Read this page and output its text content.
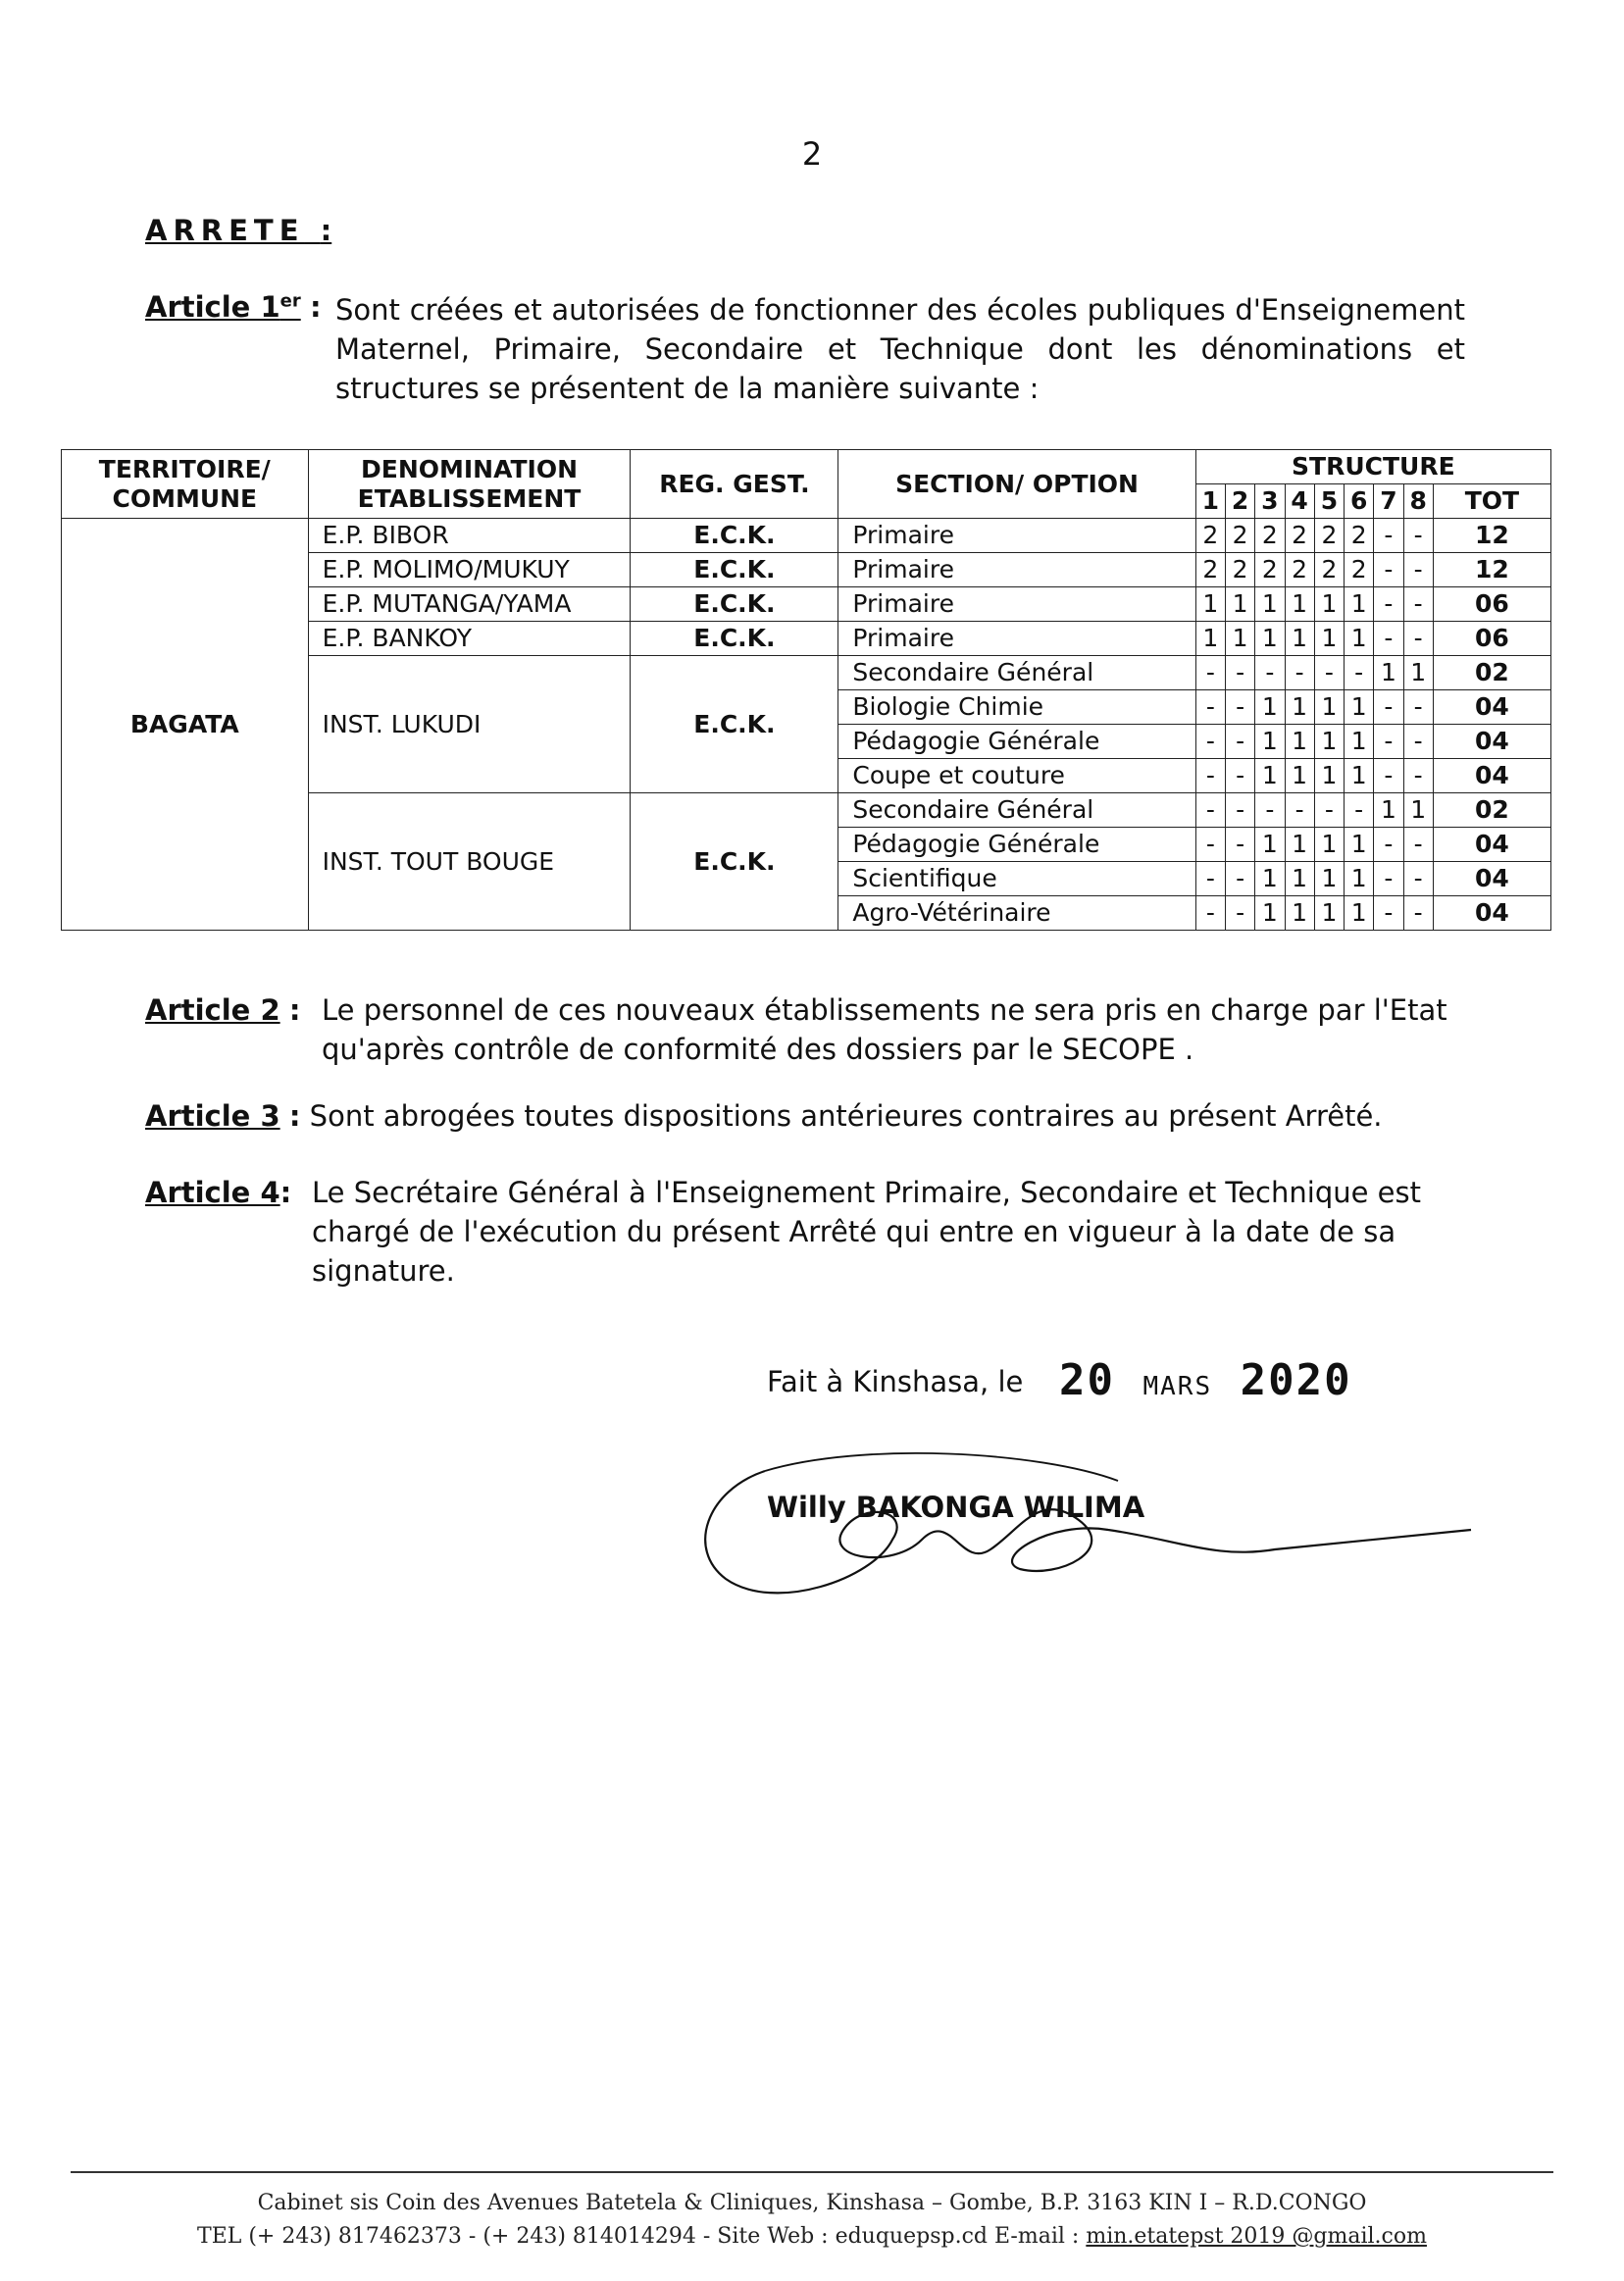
2
ARRETE :
Article 1er : Sont créées et autorisées de fonctionner des écoles publiques d'Enseignement Maternel, Primaire, Secondaire et Technique dont les dénominations et structures se présentent de la manière suivante :
TERRITOIRE/ COMMUNE	DENOMINATION ETABLISSEMENT	REG. GEST.	SECTION/ OPTION	STRUCTURE								
				1	2	3	4	5	6	7	8	TOT
BAGATA	E.P. BIBOR	E.C.K.	Primaire	2	2	2	2	2	2	-	-	12
	E.P. MOLIMO/MUKUY	E.C.K.	Primaire	2	2	2	2	2	2	-	-	12
	E.P. MUTANGA/YAMA	E.C.K.	Primaire	1	1	1	1	1	1	-	-	06
	E.P. BANKOY	E.C.K.	Primaire	1	1	1	1	1	1	-	-	06
	INST. LUKUDI	E.C.K.	Secondaire Général	-	-	-	-	-	-	1	1	02
			Biologie Chimie	-	-	1	1	1	1	-	-	04
			Pédagogie Générale	-	-	1	1	1	1	-	-	04
			Coupe et couture	-	-	1	1	1	1	-	-	04
	INST. TOUT BOUGE	E.C.K.	Secondaire Général	-	-	-	-	-	-	1	1	02
			Pédagogie Générale	-	-	1	1	1	1	-	-	04
			Scientifique	-	-	1	1	1	1	-	-	04
			Agro-Vétérinaire	-	-	1	1	1	1	-	-	04
Article 2 : Le personnel de ces nouveaux établissements ne sera pris en charge par l'Etat qu'après contrôle de conformité des dossiers par le SECOPE .
Article 3 : Sont abrogées toutes dispositions antérieures contraires au présent Arrêté.
Article 4: Le Secrétaire Général à l'Enseignement Primaire, Secondaire et Technique est chargé de l'exécution du présent Arrêté qui entre en vigueur à la date de sa signature.
Fait à Kinshasa, le 20 MARS 2020
Willy BAKONGA WILIMA
Cabinet sis Coin des Avenues Batetela & Cliniques, Kinshasa – Gombe, B.P. 3163 KIN I – R.D.CONGO
TEL (+ 243) 817462373 - (+ 243) 814014294 - Site Web : eduquepsp.cd E-mail : min.etatepst 2019 @gmail.com
